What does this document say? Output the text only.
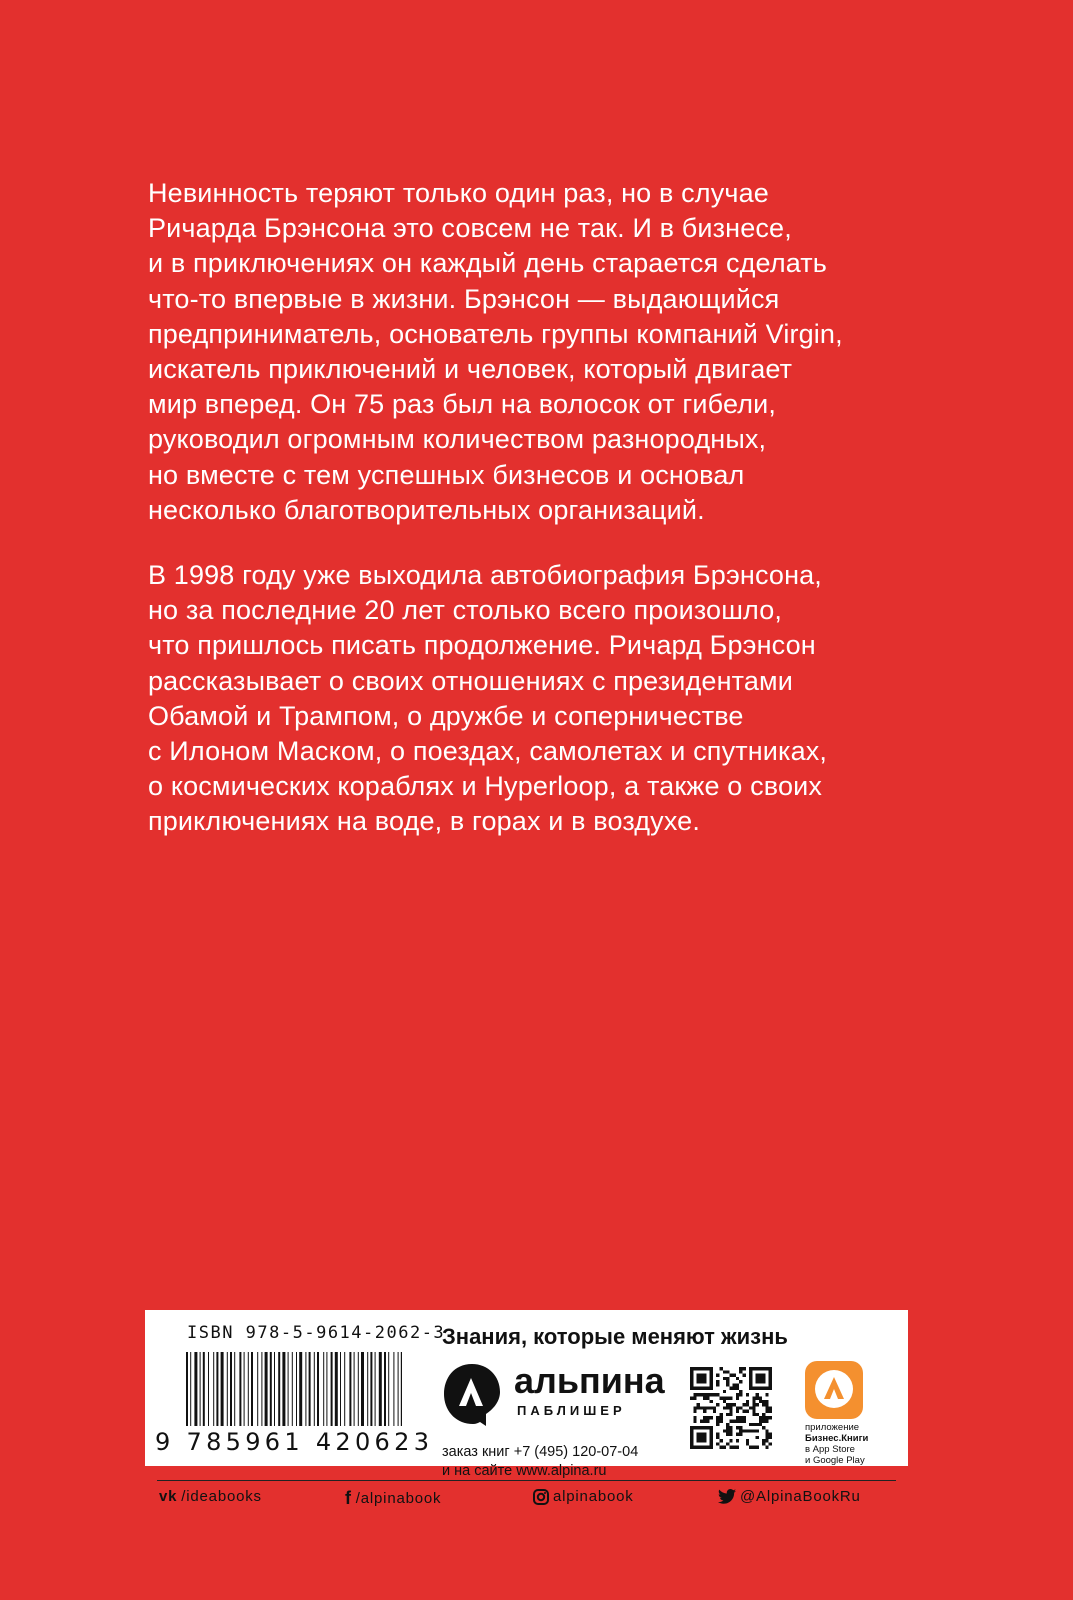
Невинность теряют только один раз, но в случае
Ричарда Брэнсона это совсем не так. И в бизнесе,
и в приключениях он каждый день старается сделать
что-то впервые в жизни. Брэнсон — выдающийся
предприниматель, основатель группы компаний Virgin,
искатель приключений и человек, который двигает
мир вперед. Он 75 раз был на волосок от гибели,
руководил огромным количеством разнородных,
но вместе с тем успешных бизнесов и основал
несколько благотворительных организаций.
В 1998 году уже выходила автобиография Брэнсона,
но за последние 20 лет столько всего произошло,
что пришлось писать продолжение. Ричард Брэнсон
рассказывает о своих отношениях с президентами
Обамой и Трампом, о дружбе и соперничестве
с Илоном Маском, о поездах, самолетах и спутниках,
о космических кораблях и Hyperloop, а также о своих
приключениях на воде, в горах и в воздухе.
ISBN 978-5-9614-2062-3
9 785961 420623
Знания, которые меняют жизнь
альпина
ПАБЛИШЕР
заказ книг +7 (495) 120-07-04
и на сайте www.alpina.ru
приложение
Бизнес.Книги
в App Store
и Google Play
vk /ideabooks	f /alpinabook	alpinabook	@AlpinaBookRu
